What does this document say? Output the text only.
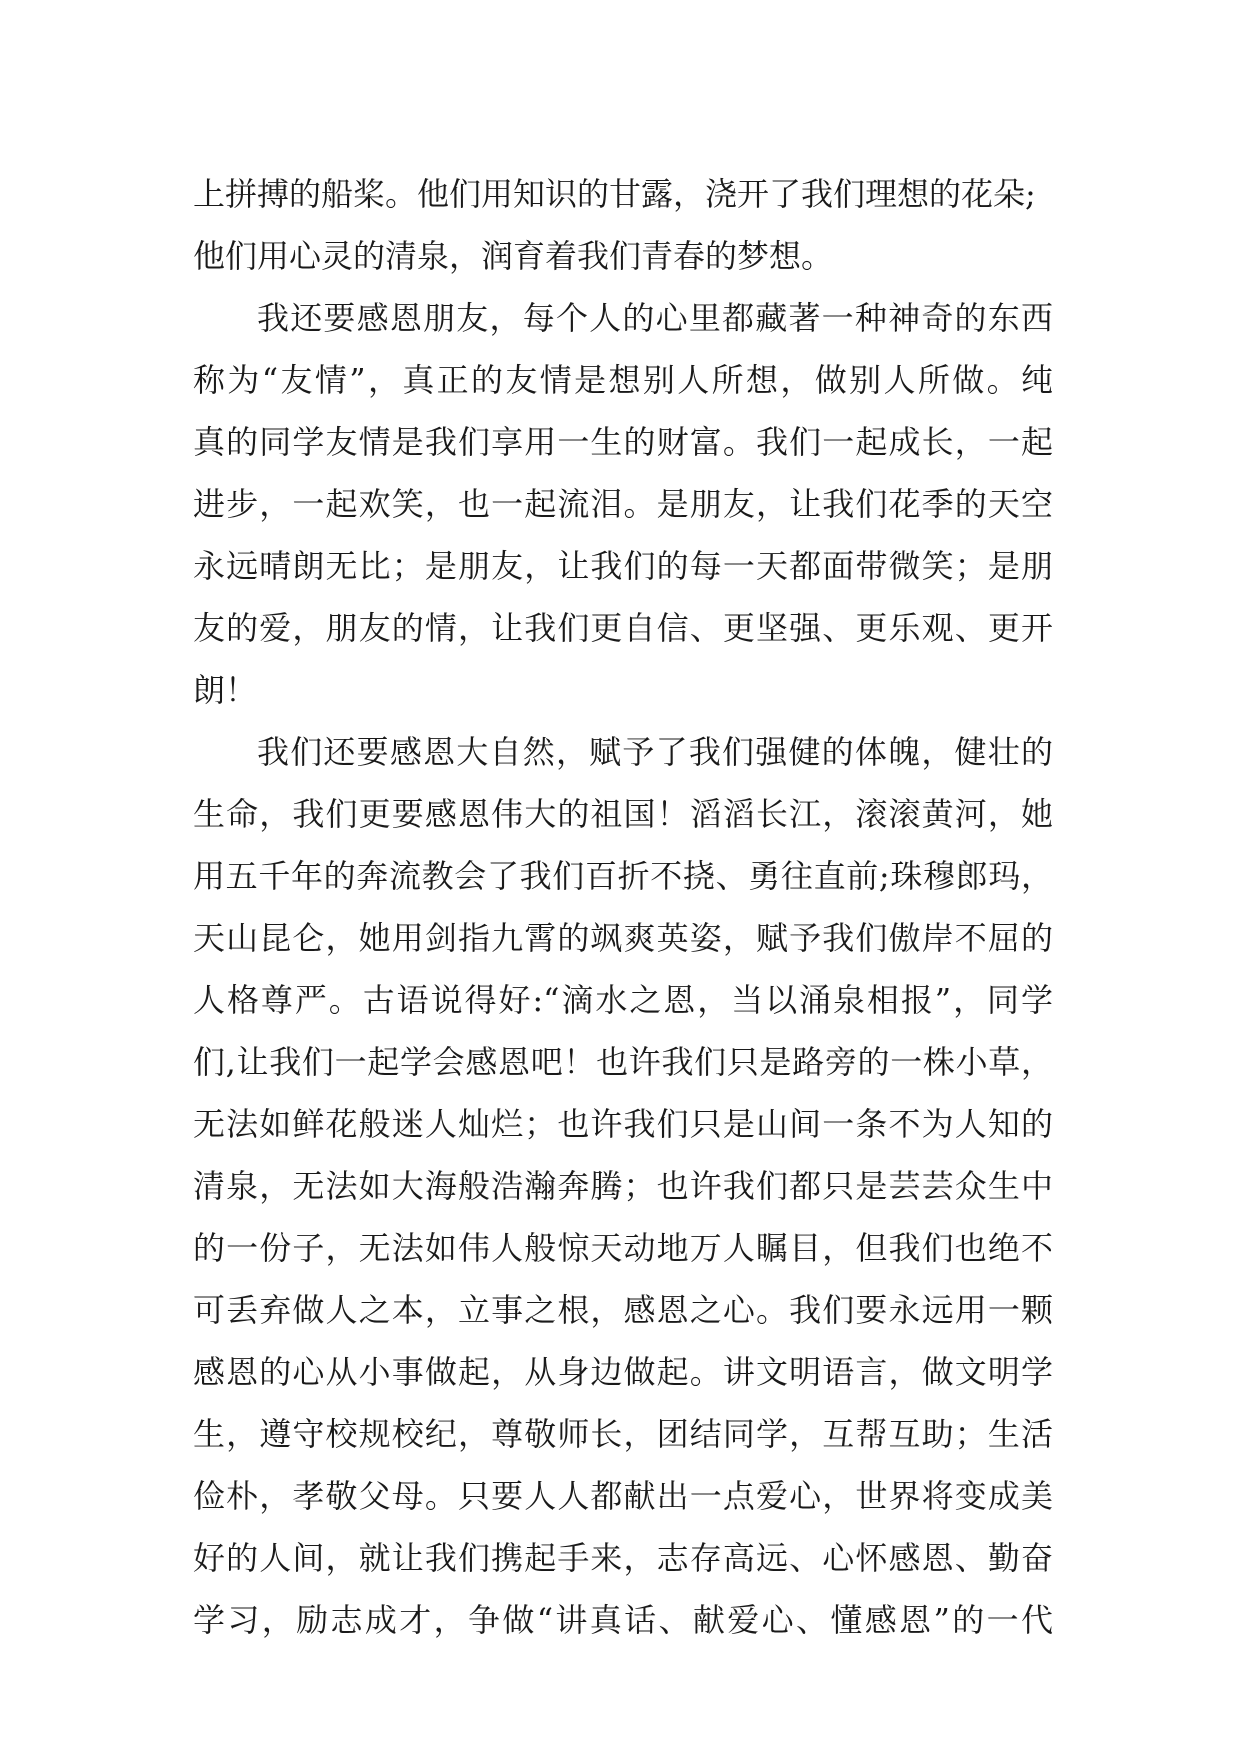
上拼搏的船桨。他们用知识的甘露，浇开了我们理想的花朵;
他们用心灵的清泉，润育着我们青春的梦想。
我还要感恩朋友，每个人的心里都藏著一种神奇的东西
称为“友情”，真正的友情是想别人所想，做别人所做。纯
真的同学友情是我们享用一生的财富。我们一起成长，一起
进步，一起欢笑，也一起流泪。是朋友，让我们花季的天空
永远晴朗无比；是朋友，让我们的每一天都面带微笑；是朋
友的爱，朋友的情，让我们更自信、更坚强、更乐观、更开
朗！
我们还要感恩大自然，赋予了我们强健的体魄，健壮的
生命，我们更要感恩伟大的祖国！滔滔长江，滚滚黄河，她
用五千年的奔流教会了我们百折不挠、勇往直前;珠穆郎玛，
天山昆仑，她用剑指九霄的飒爽英姿，赋予我们傲岸不屈的
人格尊严。古语说得好:“滴水之恩，当以涌泉相报”，同学
们,让我们一起学会感恩吧！也许我们只是路旁的一株小草，
无法如鲜花般迷人灿烂；也许我们只是山间一条不为人知的
清泉，无法如大海般浩瀚奔腾；也许我们都只是芸芸众生中
的一份子，无法如伟人般惊天动地万人瞩目，但我们也绝不
可丢弃做人之本，立事之根，感恩之心。我们要永远用一颗
感恩的心从小事做起，从身边做起。讲文明语言，做文明学
生，遵守校规校纪，尊敬师长，团结同学，互帮互助；生活
俭朴，孝敬父母。只要人人都献出一点爱心，世界将变成美
好的人间，就让我们携起手来，志存高远、心怀感恩、勤奋
学习，励志成才，争做“讲真话、献爱心、懂感恩”的一代
